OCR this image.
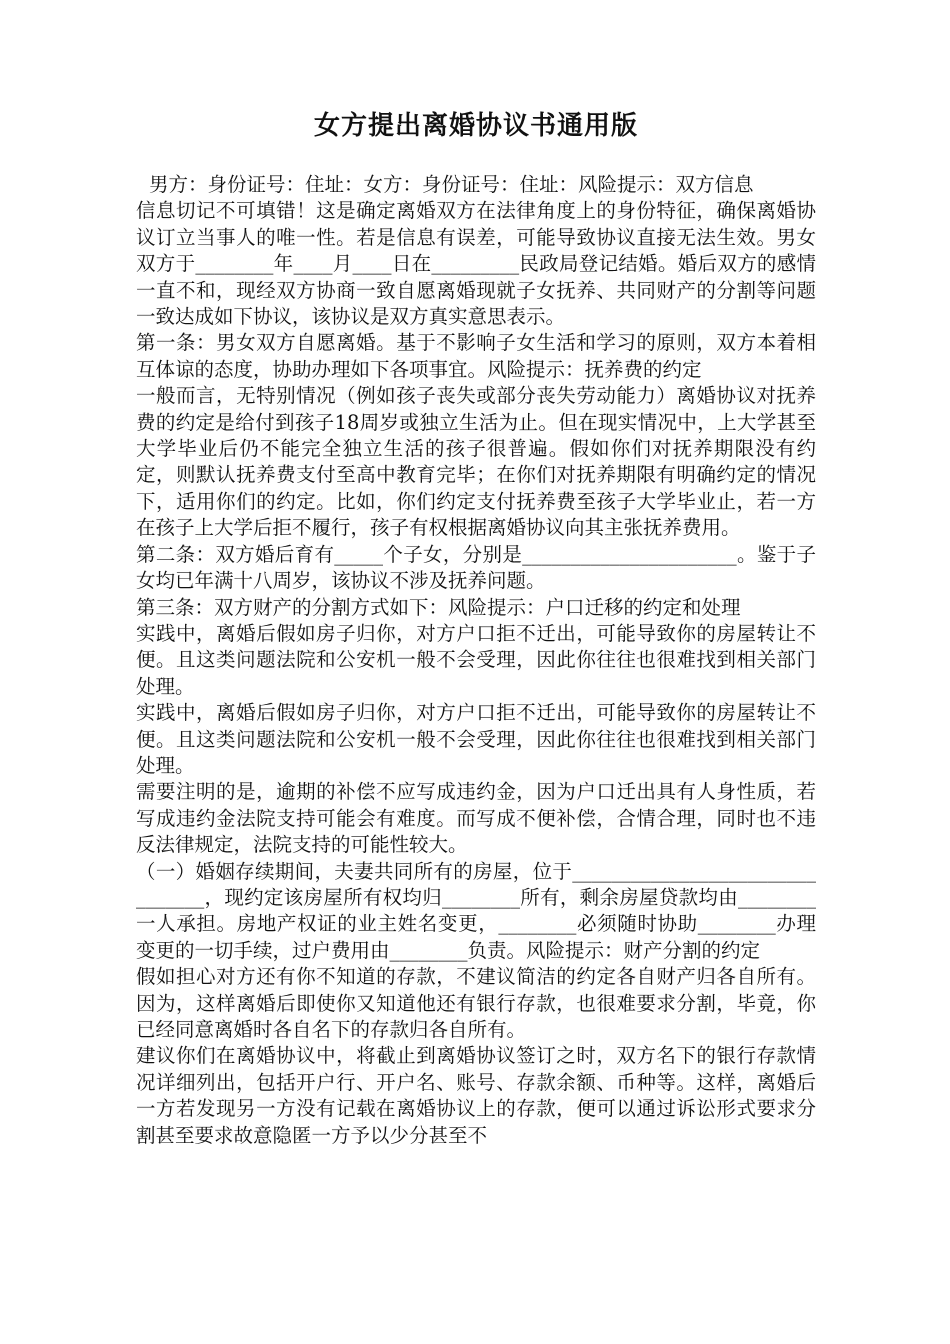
女方提出离婚协议书通用版

男方：身份证号：住址：女方：身份证号：住址：风险提示：双方信息

信息切记不可填错！这是确定离婚双方在法律角度上的身份特征，确保离婚协议订立当事人的唯一性。若是信息有误差，可能导致协议直接无法生效。男女双方于________年____月____日在_________民政局登记结婚。婚后双方的感情一直不和，现经双方协商一致自愿离婚现就子女抚养、共同财产的分割等问题一致达成如下协议，该协议是双方真实意思表示。

第一条：男女双方自愿离婚。基于不影响子女生活和学习的原则，双方本着相互体谅的态度，协助办理如下各项事宜。风险提示：抚养费的约定

一般而言，无特别情况（例如孩子丧失或部分丧失劳动能力）离婚协议对抚养费的约定是给付到孩子18周岁或独立生活为止。但在现实情况中，上大学甚至大学毕业后仍不能完全独立生活的孩子很普遍。假如你们对抚养期限没有约定，则默认抚养费支付至高中教育完毕；在你们对抚养期限有明确约定的情况下，适用你们的约定。比如，你们约定支付抚养费至孩子大学毕业止，若一方在孩子上大学后拒不履行，孩子有权根据离婚协议向其主张抚养费用。

第二条：双方婚后育有_____个子女，分别是______________________。鉴于子女均已年满十八周岁，该协议不涉及抚养问题。

第三条：双方财产的分割方式如下：风险提示：户口迁移的约定和处理

实践中，离婚后假如房子归你，对方户口拒不迁出，可能导致你的房屋转让不便。且这类问题法院和公安机一般不会受理，因此你往往也很难找到相关部门处理。

实践中，离婚后假如房子归你，对方户口拒不迁出，可能导致你的房屋转让不便。且这类问题法院和公安机一般不会受理，因此你往往也很难找到相关部门处理。

需要注明的是，逾期的补偿不应写成违约金，因为户口迁出具有人身性质，若写成违约金法院支持可能会有难度。而写成不便补偿，合情合理，同时也不违反法律规定，法院支持的可能性较大。

（一）婚姻存续期间，夫妻共同所有的房屋，位于________________________________，现约定该房屋所有权均归________所有，剩余房屋贷款均由________一人承担。房地产权证的业主姓名变更，________必须随时协助________办理变更的一切手续，过户费用由________负责。风险提示：财产分割的约定

假如担心对方还有你不知道的存款，不建议简洁的约定各自财产归各自所有。因为，这样离婚后即使你又知道他还有银行存款，也很难要求分割，毕竟，你已经同意离婚时各自名下的存款归各自所有。

建议你们在离婚协议中，将截止到离婚协议签订之时，双方名下的银行存款情况详细列出，包括开户行、开户名、账号、存款余额、币种等。这样，离婚后一方若发现另一方没有记载在离婚协议上的存款，便可以通过诉讼形式要求分割甚至要求故意隐匿一方予以少分甚至不
